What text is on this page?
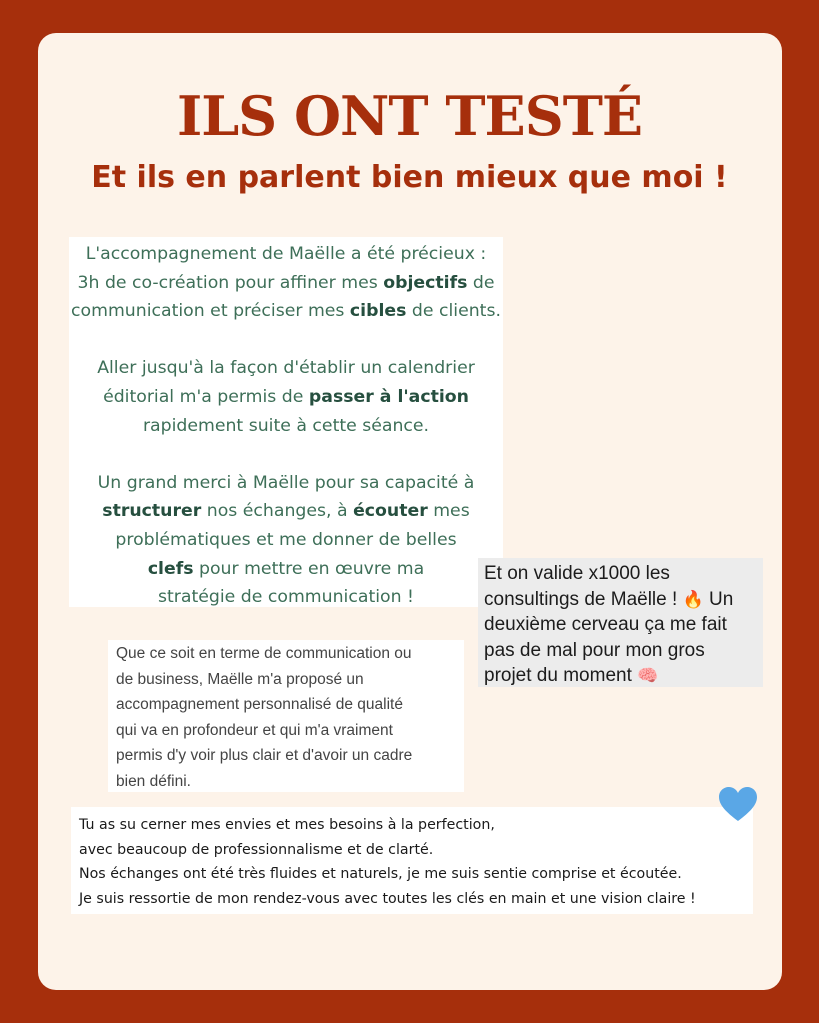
ILS ONT TESTÉ
Et ils en parlent bien mieux que moi !

L'accompagnement de Maëlle a été précieux :

3h de co-création pour affiner mes objectifs de

communication et préciser mes cibles de clients.

Aller jusqu'à la façon d'établir un calendrier

éditorial m'a permis de passer à l'action

rapidement suite à cette séance.

Un grand merci à Maëlle pour sa capacité à

structurer nos échanges, à écouter mes

problématiques et me donner de belles

clefs pour mettre en œuvre ma

stratégie de communication !

Et on valide x1000 les
consultings de Maëlle ! 🔥 Un
deuxième cerveau ça me fait
pas de mal pour mon gros
projet du moment 🧠
Que ce soit en terme de communication ou
de business, Maëlle m'a proposé un
accompagnement personnalisé de qualité
qui va en profondeur et qui m'a vraiment
permis d'y voir plus clair et d'avoir un cadre
bien défini.
Tu as su cerner mes envies et mes besoins à la perfection,
avec beaucoup de professionnalisme et de clarté.
Nos échanges ont été très fluides et naturels, je me suis sentie comprise et écoutée.
Je suis ressortie de mon rendez-vous avec toutes les clés en main et une vision claire !
